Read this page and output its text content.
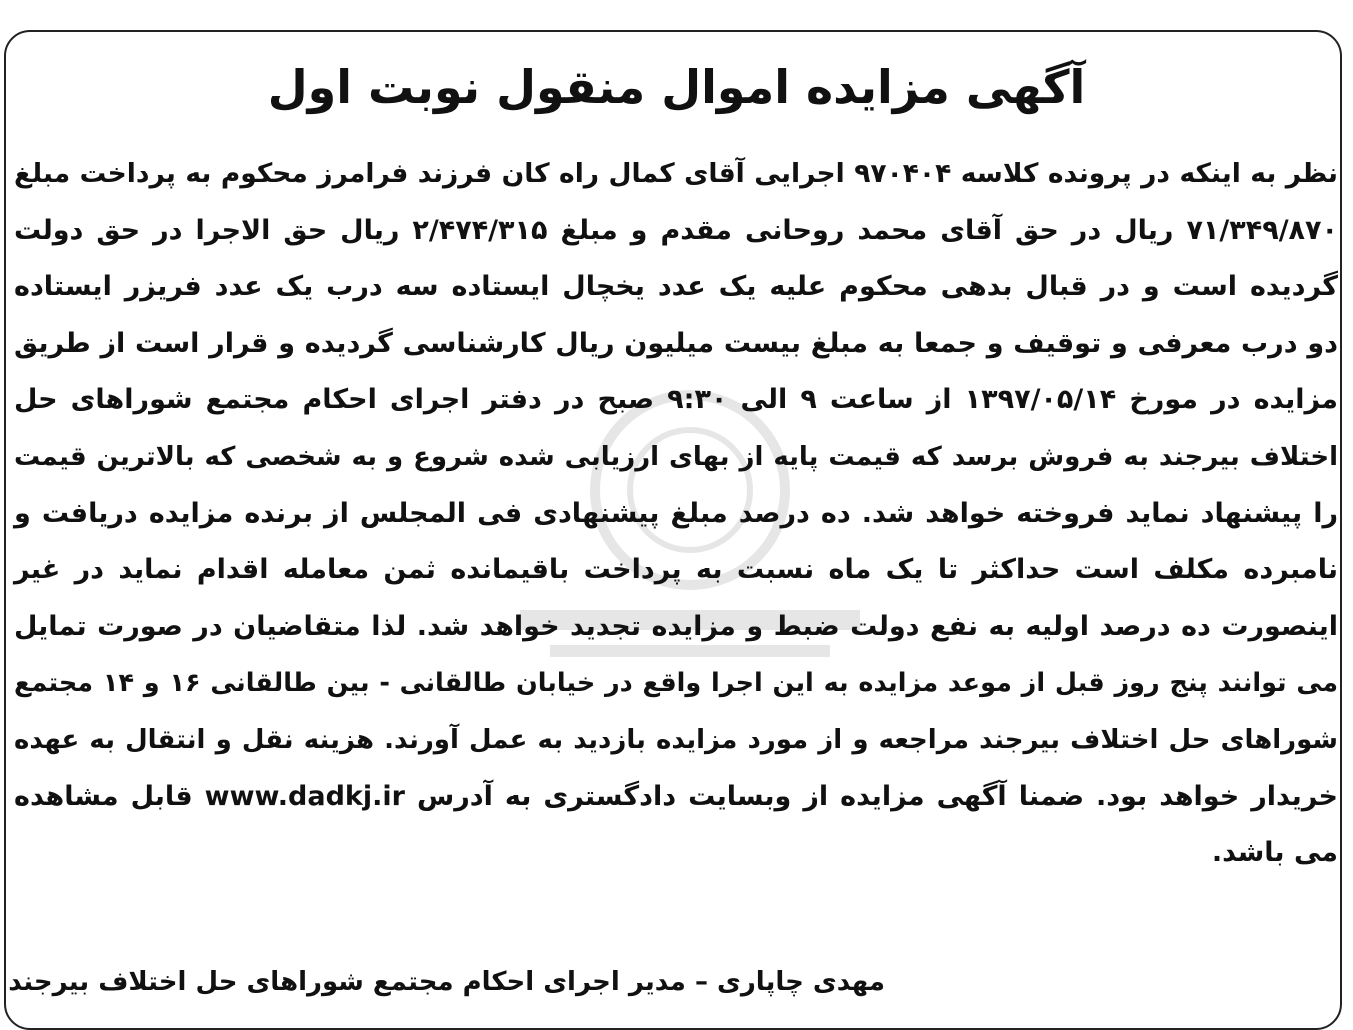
آگهی مزایده اموال منقول نوبت اول
نظر به اینکه در پرونده کلاسه ۹۷۰۴۰۴ اجرایی آقای کمال راه کان فرزند فرامرز محکوم به پرداخت مبلغ
۷۱/۳۴۹/۸۷۰ ریال در حق آقای محمد روحانی مقدم و مبلغ ۲/۴۷۴/۳۱۵ ریال حق الاجرا در حق دولت
گردیده است و در قبال بدهی محکوم علیه یک عدد یخچال ایستاده سه درب یک عدد فریزر ایستاده
دو درب معرفی و توقیف و جمعا به مبلغ بیست میلیون ریال کارشناسی گردیده و قرار است از طریق
مزایده در مورخ ۱۳۹۷/۰۵/۱۴ از ساعت ۹ الی ۹:۳۰ صبح در دفتر اجرای احکام مجتمع شوراهای حل
اختلاف بیرجند به فروش برسد که قیمت پایه از بهای ارزیابی شده شروع و به شخصی که بالاترین قیمت
را پیشنهاد نماید فروخته خواهد شد. ده درصد مبلغ پیشنهادی فی المجلس از برنده مزایده دریافت و
نامبرده مکلف است حداکثر تا یک ماه نسبت به پرداخت باقیمانده ثمن معامله اقدام نماید در غیر
اینصورت ده درصد اولیه به نفع دولت ضبط و مزایده تجدید خواهد شد. لذا متقاضیان در صورت تمایل
می توانند پنج روز قبل از موعد مزایده به این اجرا واقع در خیابان طالقانی - بین طالقانی ۱۶ و ۱۴ مجتمع
شوراهای حل اختلاف بیرجند مراجعه و از مورد مزایده بازدید به عمل آورند. هزینه نقل و انتقال به عهده
خریدار خواهد بود. ضمنا آگهی مزایده از وبسایت دادگستری به آدرس www.dadkj.ir قابل مشاهده
می باشد.

مهدی چاپاری – مدیر اجرای احکام مجتمع شوراهای حل اختلاف بیرجند
